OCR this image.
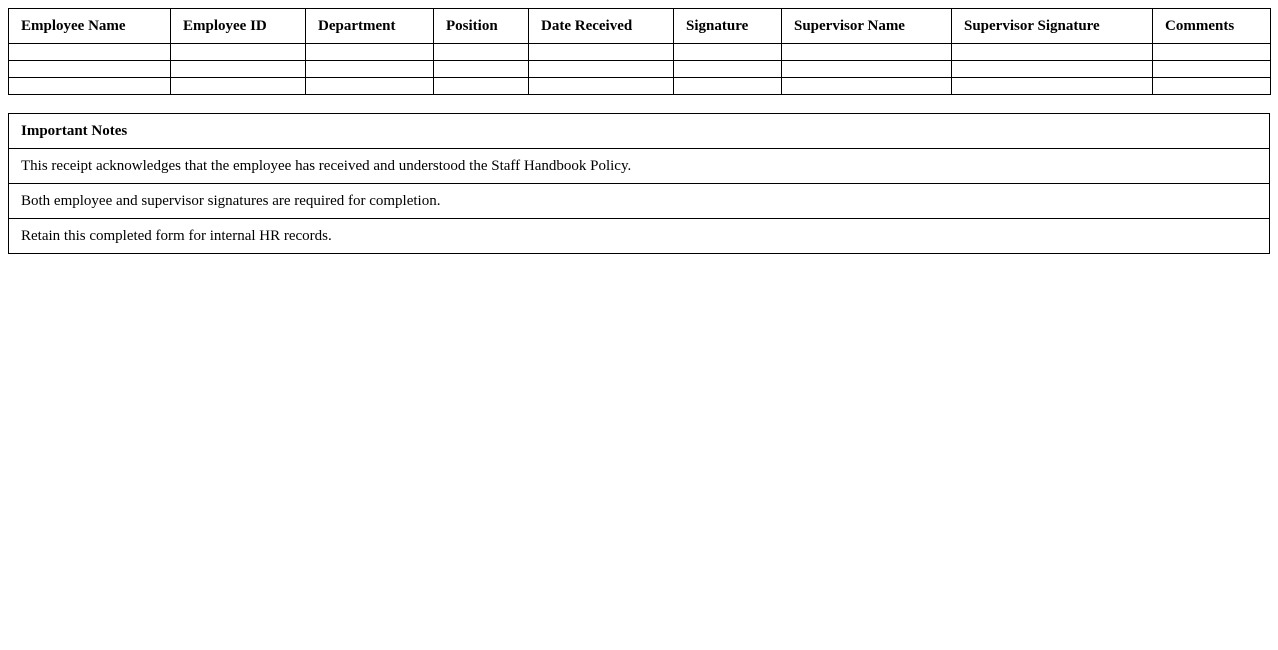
Employee Name	Employee ID	Department	Position	Date Received	Signature	Supervisor Name	Supervisor Signature	Comments

Important Notes
This receipt acknowledges that the employee has received and understood the Staff Handbook Policy.
Both employee and supervisor signatures are required for completion.
Retain this completed form for internal HR records.
